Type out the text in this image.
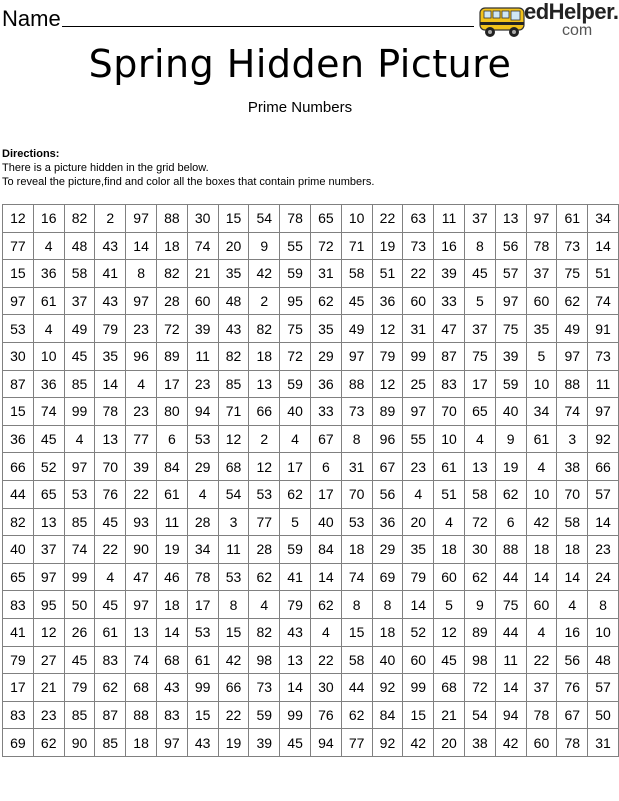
Name	edHelper.
com
Spring Hidden Picture
Prime Numbers
Directions:
There is a picture hidden in the grid below.
To reveal the picture,find and color all the boxes that contain prime numbers.
12	16	82	2	97	88	30	15	54	78	65	10	22	63	11	37	13	97	61	34
77	4	48	43	14	18	74	20	9	55	72	71	19	73	16	8	56	78	73	14
15	36	58	41	8	82	21	35	42	59	31	58	51	22	39	45	57	37	75	51
97	61	37	43	97	28	60	48	2	95	62	45	36	60	33	5	97	60	62	74
53	4	49	79	23	72	39	43	82	75	35	49	12	31	47	37	75	35	49	91
30	10	45	35	96	89	11	82	18	72	29	97	79	99	87	75	39	5	97	73
87	36	85	14	4	17	23	85	13	59	36	88	12	25	83	17	59	10	88	11
15	74	99	78	23	80	94	71	66	40	33	73	89	97	70	65	40	34	74	97
36	45	4	13	77	6	53	12	2	4	67	8	96	55	10	4	9	61	3	92
66	52	97	70	39	84	29	68	12	17	6	31	67	23	61	13	19	4	38	66
44	65	53	76	22	61	4	54	53	62	17	70	56	4	51	58	62	10	70	57
82	13	85	45	93	11	28	3	77	5	40	53	36	20	4	72	6	42	58	14
40	37	74	22	90	19	34	11	28	59	84	18	29	35	18	30	88	18	18	23
65	97	99	4	47	46	78	53	62	41	14	74	69	79	60	62	44	14	14	24
83	95	50	45	97	18	17	8	4	79	62	8	8	14	5	9	75	60	4	8
41	12	26	61	13	14	53	15	82	43	4	15	18	52	12	89	44	4	16	10
79	27	45	83	74	68	61	42	98	13	22	58	40	60	45	98	11	22	56	48
17	21	79	62	68	43	99	66	73	14	30	44	92	99	68	72	14	37	76	57
83	23	85	87	88	83	15	22	59	99	76	62	84	15	21	54	94	78	67	50
69	62	90	85	18	97	43	19	39	45	94	77	92	42	20	38	42	60	78	31
